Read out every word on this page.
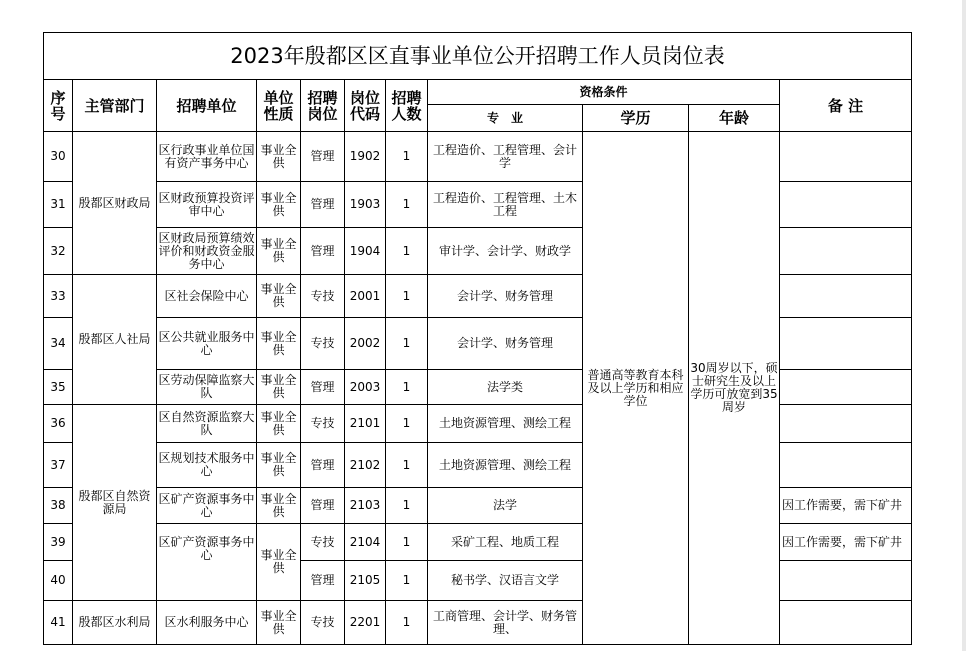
2023年殷都区区直事业单位公开招聘工作人员岗位表										
序号	主管部门	招聘单位	单位性质	招聘岗位	岗位代码	招聘人数	资格条件			备 注
							专　业	学历	年龄	
30	殷都区财政局	区行政事业单位国有资产事务中心	事业全供	管理	1902	1	工程造价、工程管理、会计学	普通高等教育本科及以上学历和相应学位	30周岁以下，硕士研究生及以上学历可放宽到35周岁	
31		区财政预算投资评审中心	事业全供	管理	1903	1	工程造价、工程管理、土木工程			
32		区财政局预算绩效评价和财政资金服务中心	事业全供	管理	1904	1	审计学、会计学、财政学			
33	殷都区人社局	区社会保险中心	事业全供	专技	2001	1	会计学、财务管理			
34		区公共就业服务中心	事业全供	专技	2002	1	会计学、财务管理			
35		区劳动保障监察大队	事业全供	管理	2003	1	法学类			
36	殷都区自然资源局	区自然资源监察大队	事业全供	专技	2101	1	土地资源管理、测绘工程			
37		区规划技术服务中心	事业全供	管理	2102	1	土地资源管理、测绘工程			
38		区矿产资源事务中心	事业全供	管理	2103	1	法学			因工作需要，需下矿井
39		区矿产资源事务中心	事业全供	专技	2104	1	采矿工程、地质工程			因工作需要，需下矿井
40				管理	2105	1	秘书学、汉语言文学			
41	殷都区水利局	区水利服务中心	事业全供	专技	2201	1	工商管理、会计学、财务管理、			
